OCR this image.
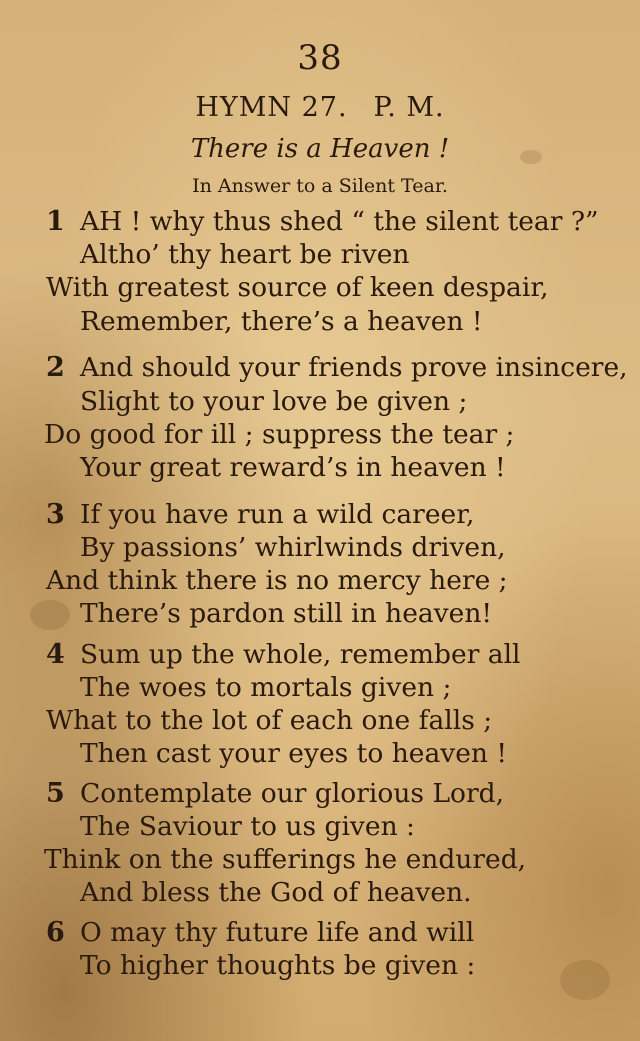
38
HYMN 27. P. M.
There is a Heaven !
In Answer to a Silent Tear.
1 AH ! why thus shed “ the silent tear ?”
Altho’ thy heart be riven
With greatest source of keen despair,
Remember, there’s a heaven !
2 And should your friends prove insincere,
Slight to your love be given ;
Do good for ill ; suppress the tear ;
Your great reward’s in heaven !
3 If you have run a wild career,
By passions’ whirlwinds driven,
And think there is no mercy here ;
There’s pardon still in heaven!
4 Sum up the whole, remember all
The woes to mortals given ;
What to the lot of each one falls ;
Then cast your eyes to heaven !
5 Contemplate our glorious Lord,
The Saviour to us given :
Think on the sufferings he endured,
And bless the God of heaven.
6 O may thy future life and will
To higher thoughts be given :
